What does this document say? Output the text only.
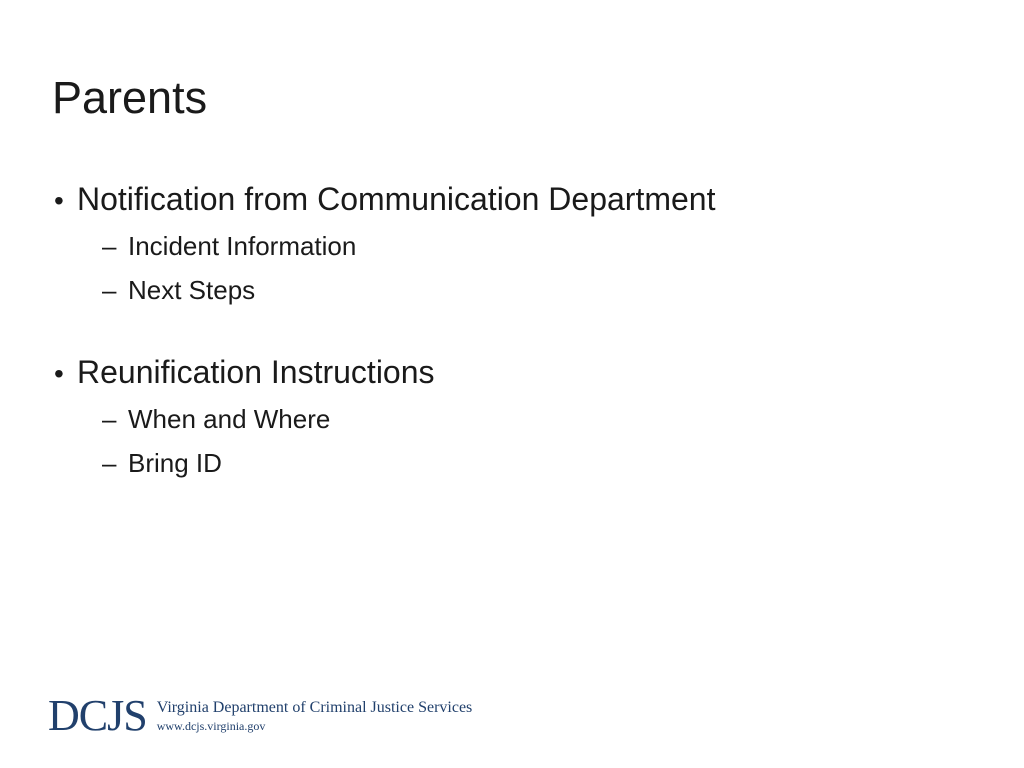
Parents
• Notification from Communication Department
– Incident Information
– Next Steps
• Reunification Instructions
– When and Where
– Bring ID
DCJS Virginia Department of Criminal Justice Services
www.dcjs.virginia.gov
